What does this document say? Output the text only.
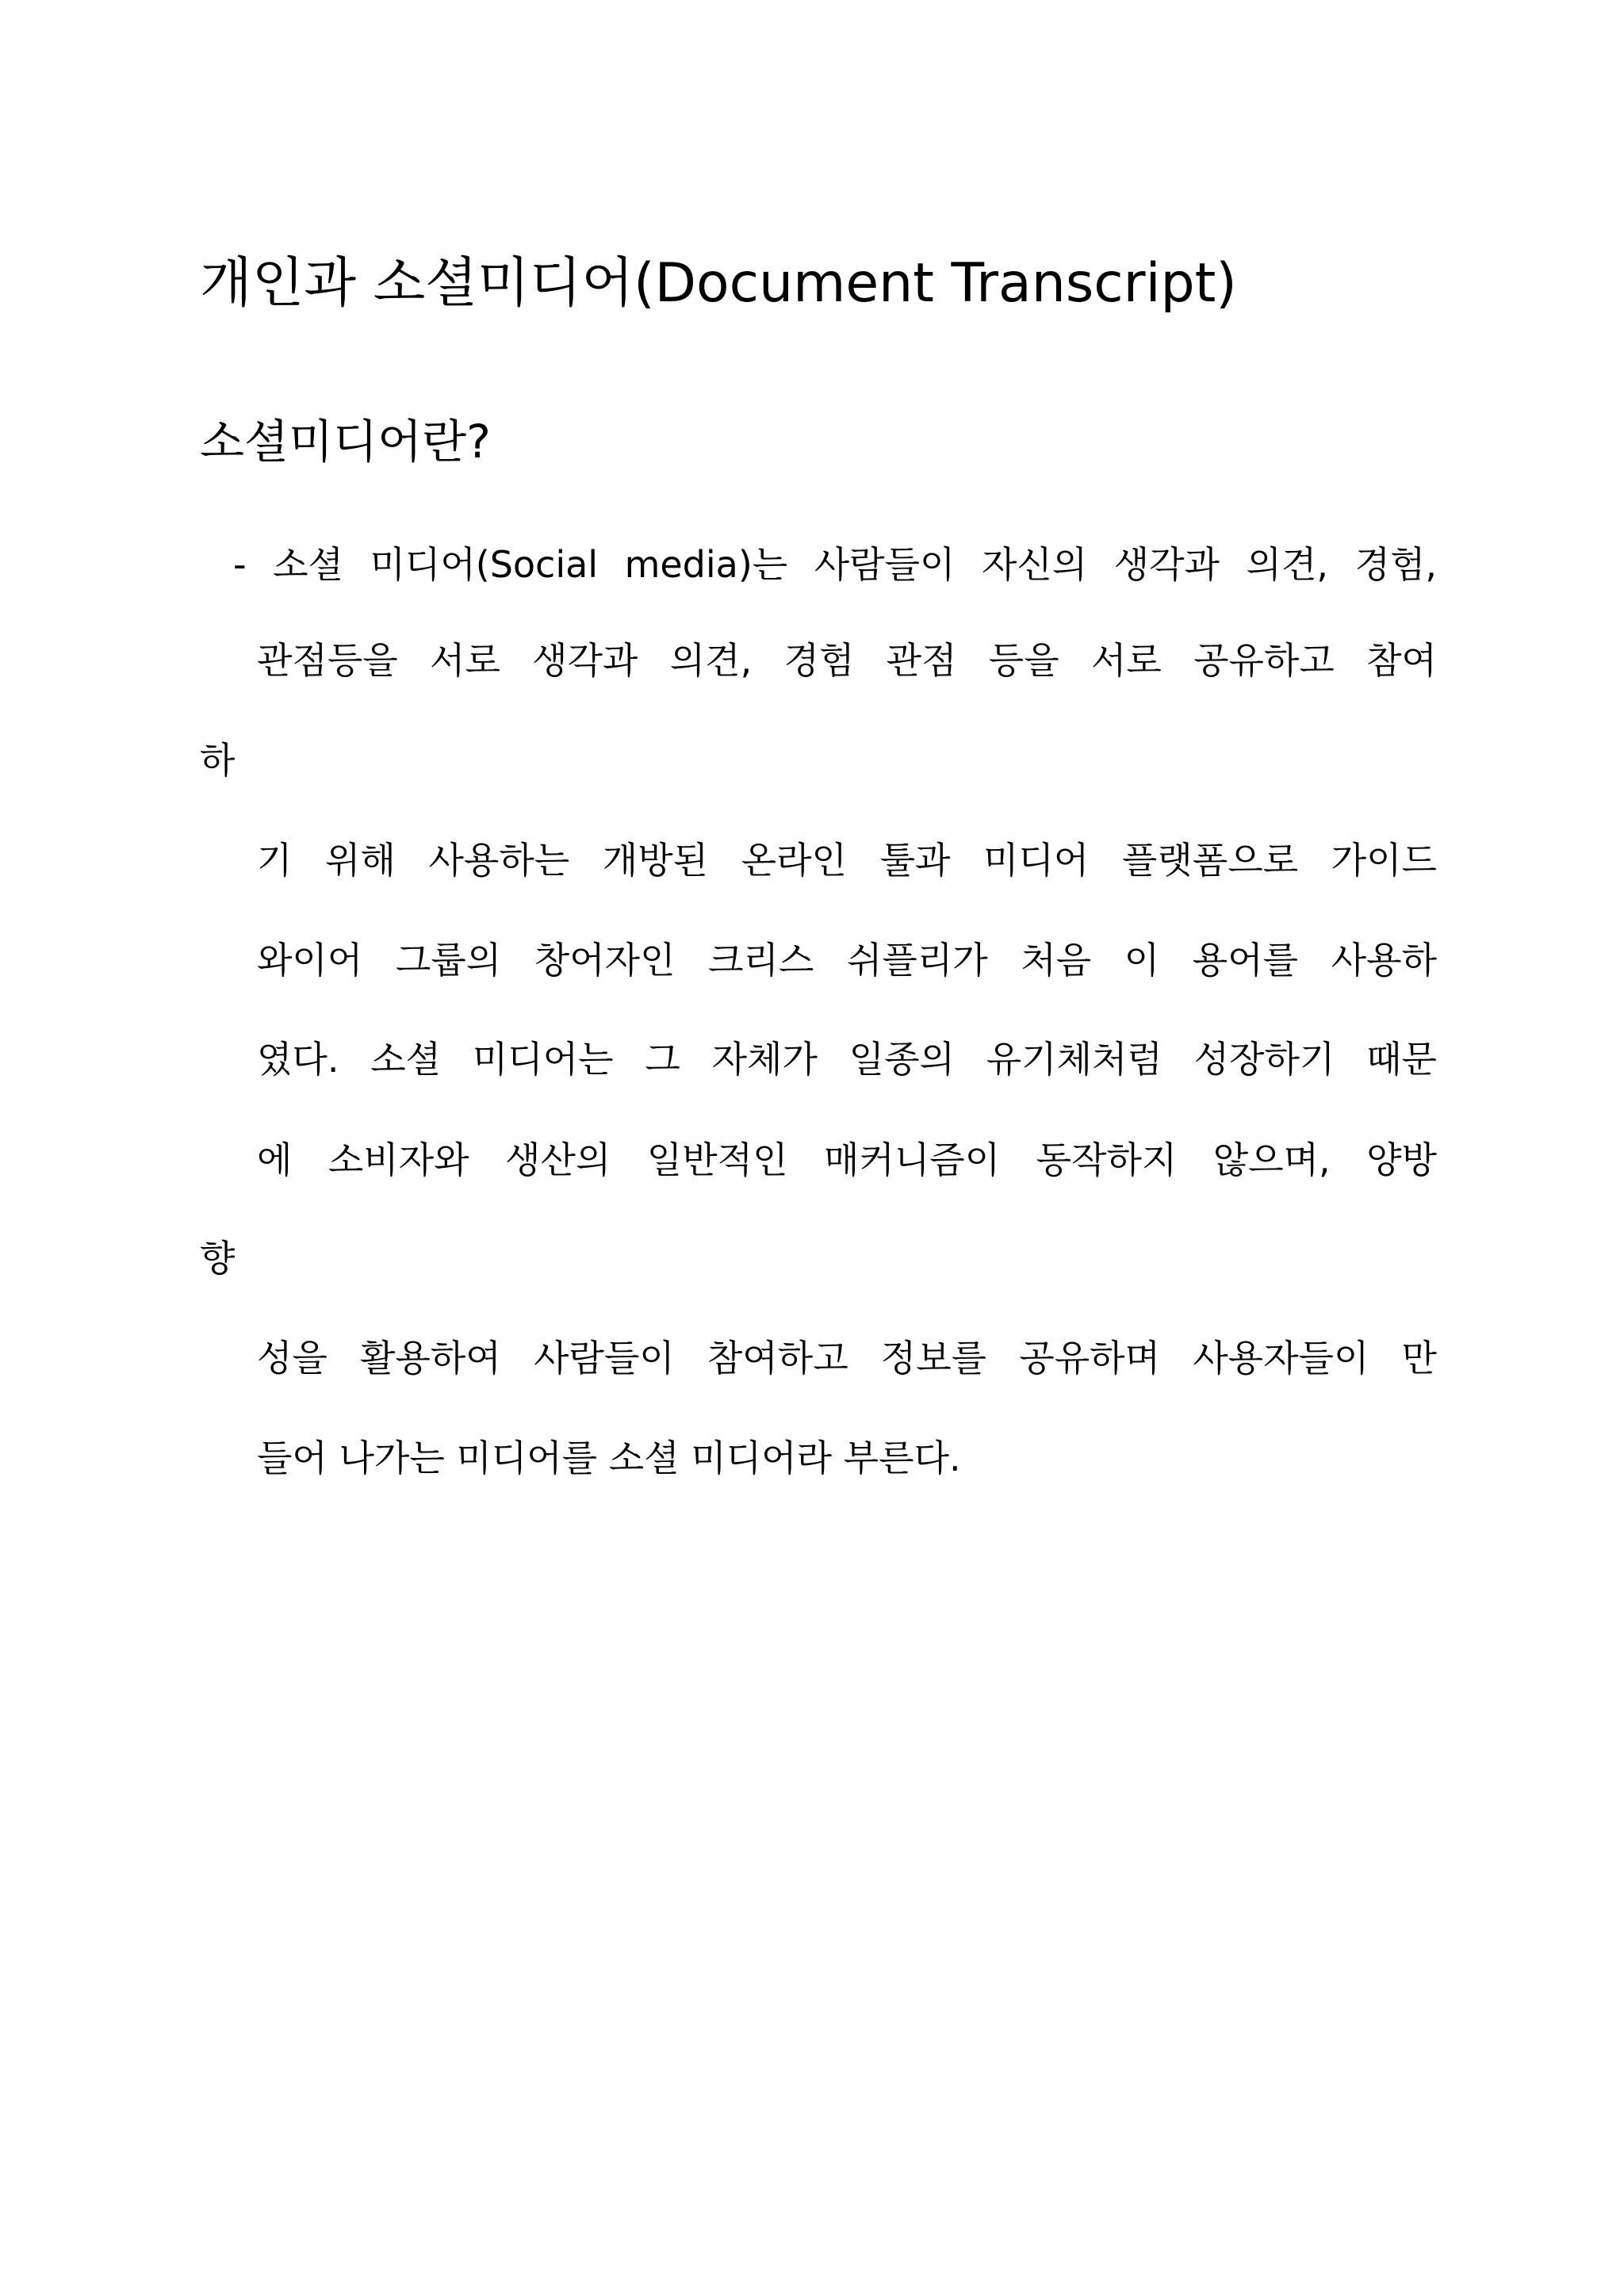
개인과 소셜미디어(Document Transcript)
소셜미디어란?

- 소셜 미디어(Social media)는 사람들이 자신의 생각과 의견, 경험,

관점등을 서로 생각과 의견, 경험 관점 등을 서로 공유하고 참여

하

기 위해 사용하는 개방된 온라인 툴과 미디어 플랫폼으로 가이드

와이어 그룹의 창어자인 크리스 쉬플리가 처음 이 용어를 사용하

였다. 소셜 미디어는 그 자체가 일종의 유기체처럼 성장하기 때문

에 소비자와 생산의 일반적인 매커니즘이 동작하지 않으며, 양방

향

성을 활용하여 사람들이 참여하고 정보를 공유하며 사용자들이 만

들어 나가는 미디어를 소셜 미디어라 부른다.
